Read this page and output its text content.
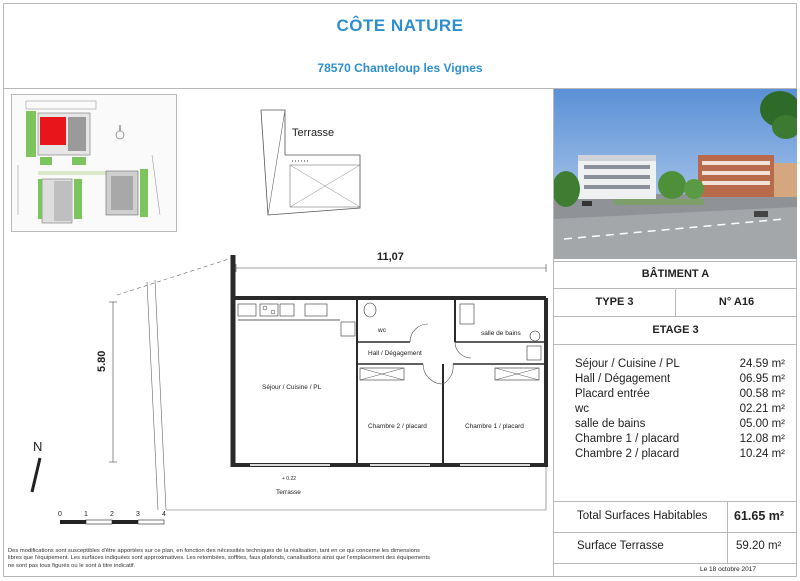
CÔTE NATURE
78570 Chanteloup les Vignes
BÂTIMENT A
TYPE 3	N° A16
ETAGE 3
Séjour / Cuisine / PL	24.59 m²
Hall / Dégagement	06.95 m²
Placard entrée	00.58 m²
wc	02.21 m²
salle de bains	05.00 m²
Chambre 1 / placard	12.08 m²
Chambre 2 / placard	10.24 m²
Total Surfaces Habitables 61.65 m²
Surface Terrasse	59.20 m²
Le 18 octobre 2017
Terrasse
11,07
5.80
Séjour / Cuisine / PL
wc
Hall / Dégagement
salle de bains
Chambre 2 / placard	Chambre 1 / placard
Terrasse
+ 0.22
N
0	1	2	3	4
Des modifications sont susceptibles d'être apportées sur ce plan, en fonction des nécessités techniques de la réalisation, tant en ce qui concerne les dimensions
libres que l'équipement. Les surfaces indiquées sont approximatives. Les retombées, soffites, faux plafonds, canalisations ainsi que l'emplacement des équipements
ne sont pas tous figurés ou le sont à titre indicatif.
